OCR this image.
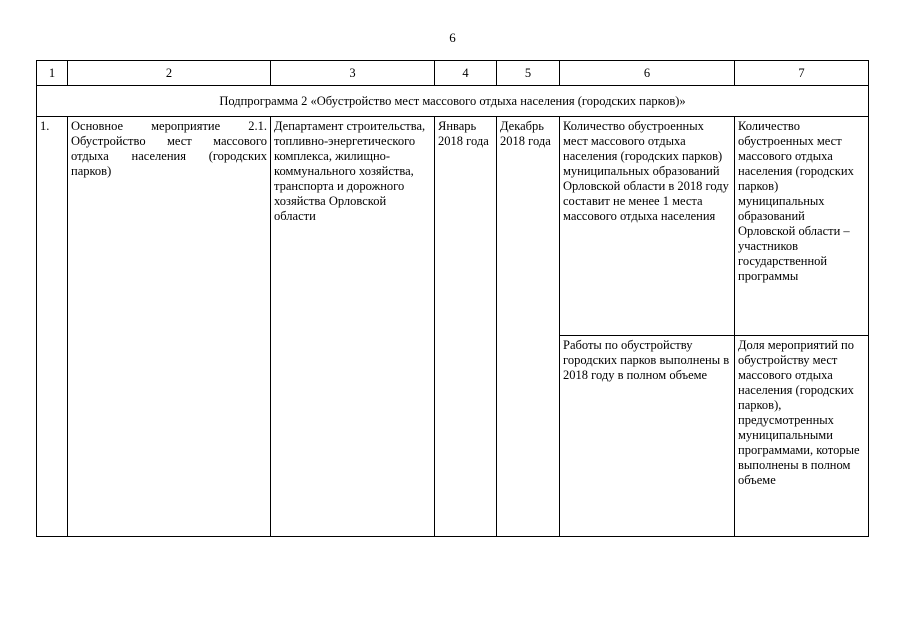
6
1	2	3	4	5	6	7
Подпрограмма 2 «Обустройство мест массового отдыха населения (городских парков)»						
1.	Основное мероприятие 2.1. Обустройство мест массового отдыха населения (городских парков)	Департамент строительства, топливно-энергетического комплекса, жилищно-коммунального хозяйства, транспорта и дорожного хозяйства Орловской области	Январь 2018 года	Декабрь 2018 года	Количество обустроенных мест массового отдыха населения (городских парков) муниципальных образований Орловской области в 2018 году составит не менее 1 места массового отдыха населения	Количество обустроенных мест массового отдыха населения (городских парков) муниципальных образований Орловской области – участников государственной программы
					Работы по обустройству городских парков выполнены в 2018 году в полном объеме	Доля мероприятий по обустройству мест массового отдыха населения (городских парков), предусмотренных муниципальными программами, которые выполнены в полном объеме
